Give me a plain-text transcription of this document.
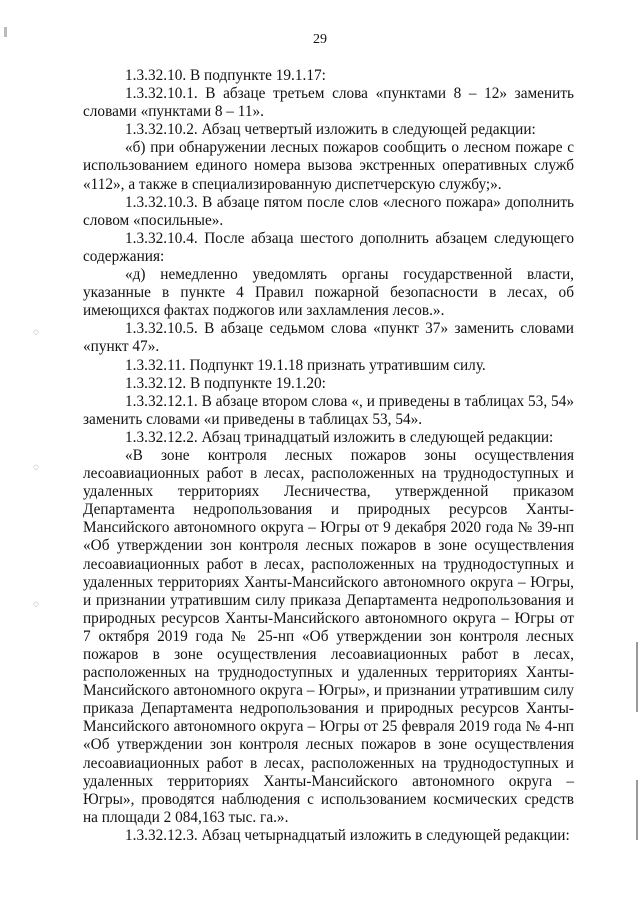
29
◌
◌
◌

1.3.32.10. В подпункте 19.1.17:

1.3.32.10.1. В абзаце третьем слова «пунктами 8 – 12» заменить словами «пунктами 8 – 11».

1.3.32.10.2. Абзац четвертый изложить в следующей редакции:

«б) при обнаружении лесных пожаров сообщить о лесном пожаре с использованием единого номера вызова экстренных оперативных служб «112», а также в специализированную диспетчерскую службу;».

1.3.32.10.3. В абзаце пятом после слов «лесного пожара» дополнить словом «посильные».

1.3.32.10.4. После абзаца шестого дополнить абзацем следующего содержания:

«д) немедленно уведомлять органы государственной власти, указанные в пункте 4 Правил пожарной безопасности в лесах, об имеющихся фактах поджогов или захламления лесов.».

1.3.32.10.5. В абзаце седьмом слова «пункт 37» заменить словами «пункт 47».

1.3.32.11. Подпункт 19.1.18 признать утратившим силу.

1.3.32.12. В подпункте 19.1.20:

1.3.32.12.1. В абзаце втором слова «, и приведены в таблицах 53, 54» заменить словами «и приведены в таблицах 53, 54».

1.3.32.12.2. Абзац тринадцатый изложить в следующей редакции:

«В зоне контроля лесных пожаров зоны осуществления лесоавиационных работ в лесах, расположенных на труднодоступных и удаленных территориях Лесничества, утвержденной приказом Департамента недропользования и природных ресурсов Ханты-Мансийского автономного округа – Югры от 9 декабря 2020 года № 39-нп «Об утверждении зон контроля лесных пожаров в зоне осуществления лесоавиационных работ в лесах, расположенных на труднодоступных и удаленных территориях Ханты-Мансийского автономного округа – Югры, и признании утратившим силу приказа Департамента недропользования и природных ресурсов Ханты-Мансийского автономного округа – Югры от 7 октября 2019 года № 25-нп «Об утверждении зон контроля лесных пожаров в зоне осуществления лесоавиационных работ в лесах, расположенных на труднодоступных и удаленных территориях Ханты-Мансийского автономного округа – Югры», и признании утратившим силу приказа Департамента недропользования и природных ресурсов Ханты-Мансийского автономного округа – Югры от 25 февраля 2019 года № 4-нп «Об утверждении зон контроля лесных пожаров в зоне осуществления лесоавиационных работ в лесах, расположенных на труднодоступных и удаленных территориях Ханты-Мансийского автономного округа – Югры», проводятся наблюдения с использованием космических средств на площади 2 084,163 тыс. га.».

1.3.32.12.3. Абзац четырнадцатый изложить в следующей редакции:
